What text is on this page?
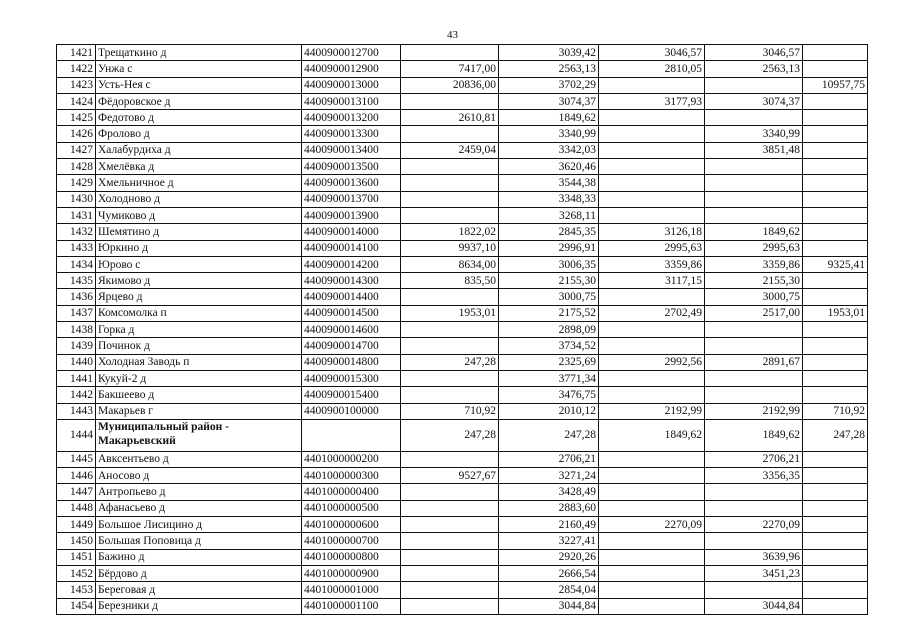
43
1421	Трещаткино д	4400900012700		3039,42	3046,57	3046,57	
1422	Унжа с	4400900012900	7417,00	2563,13	2810,05	2563,13	
1423	Усть-Нея с	4400900013000	20836,00	3702,29			10957,75
1424	Фёдоровское д	4400900013100		3074,37	3177,93	3074,37	
1425	Федотово д	4400900013200	2610,81	1849,62			
1426	Фролово д	4400900013300		3340,99		3340,99	
1427	Халабурдиха д	4400900013400	2459,04	3342,03		3851,48	
1428	Хмелёвка д	4400900013500		3620,46			
1429	Хмельничное д	4400900013600		3544,38			
1430	Холодново д	4400900013700		3348,33			
1431	Чумиково д	4400900013900		3268,11			
1432	Шемятино д	4400900014000	1822,02	2845,35	3126,18	1849,62	
1433	Юркино д	4400900014100	9937,10	2996,91	2995,63	2995,63	
1434	Юрово с	4400900014200	8634,00	3006,35	3359,86	3359,86	9325,41
1435	Якимово д	4400900014300	835,50	2155,30	3117,15	2155,30	
1436	Ярцево д	4400900014400		3000,75		3000,75	
1437	Комсомолка п	4400900014500	1953,01	2175,52	2702,49	2517,00	1953,01
1438	Горка д	4400900014600		2898,09			
1439	Починок д	4400900014700		3734,52			
1440	Холодная Заводь п	4400900014800	247,28	2325,69	2992,56	2891,67	
1441	Кукуй-2 д	4400900015300		3771,34			
1442	Бакшеево д	4400900015400		3476,75			
1443	Макарьев г	4400900100000	710,92	2010,12	2192,99	2192,99	710,92
1444	Муниципальный район - Макарьевский		247,28	247,28	1849,62	1849,62	247,28
1445	Авксентьево д	4401000000200		2706,21		2706,21	
1446	Аносово д	4401000000300	9527,67	3271,24		3356,35	
1447	Антропьево д	4401000000400		3428,49			
1448	Афанасьево д	4401000000500		2883,60			
1449	Большое Лисицино д	4401000000600		2160,49	2270,09	2270,09	
1450	Большая Поповица д	4401000000700		3227,41			
1451	Бажино д	4401000000800		2920,26		3639,96	
1452	Бёрдово д	4401000000900		2666,54		3451,23	
1453	Береговая д	4401000001000		2854,04			
1454	Березники д	4401000001100		3044,84		3044,84	
